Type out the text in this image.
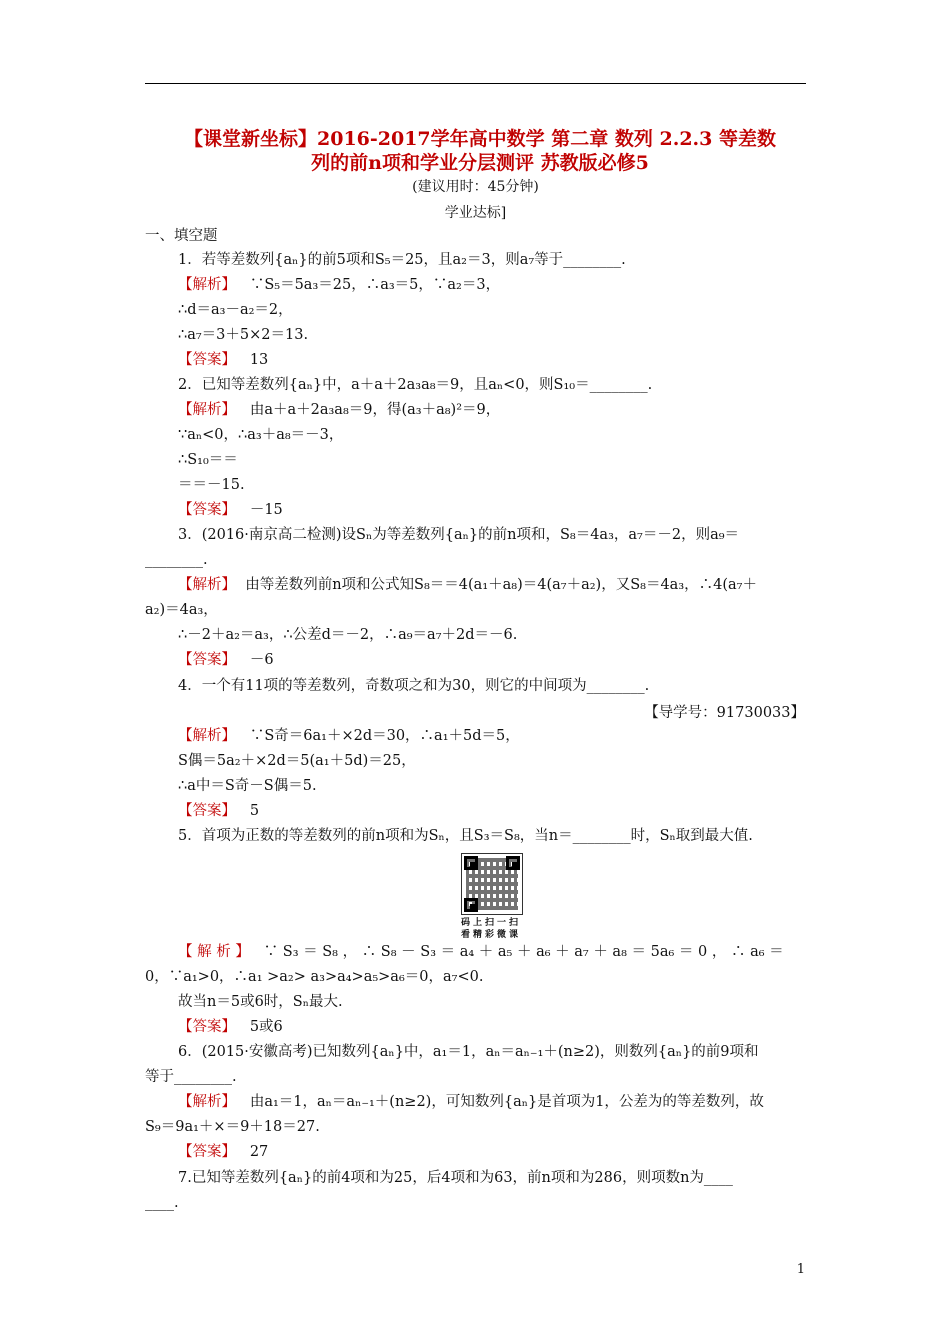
【课堂新坐标】2016-2017学年高中数学 第二章 数列 2.2.3 等差数
列的前n项和学业分层测评 苏教版必修5
(建议用时：45分钟)
学业达标]
一、填空题
1．若等差数列{aₙ}的前5项和S₅＝25，且a₂＝3，则a₇等于________.
【解析】 ∵S₅＝5a₃＝25，∴a₃＝5，∵a₂＝3，
∴d＝a₃－a₂＝2，
∴a₇＝3＋5×2＝13.
【答案】 13
2．已知等差数列{aₙ}中，a＋a＋2a₃a₈＝9，且aₙ<0，则S₁₀＝________.
【解析】 由a＋a＋2a₃a₈＝9，得(a₃＋a₈)²＝9，
∵aₙ<0，∴a₃＋a₈＝－3，
∴S₁₀＝＝
＝＝－15.
【答案】 －15
3．(2016·南京高二检测)设Sₙ为等差数列{aₙ}的前n项和，S₈＝4a₃，a₇＝－2，则a₉＝
________.
【解析】 由等差数列前n项和公式知S₈＝＝4(a₁＋a₈)＝4(a₇＋a₂)，又S₈＝4a₃，∴4(a₇＋
a₂)＝4a₃，
∴－2＋a₂＝a₃，∴公差d＝－2，∴a₉＝a₇＋2d＝－6.
【答案】 －6
4．一个有11项的等差数列，奇数项之和为30，则它的中间项为________.
【导学号：91730033】
【解析】 ∵S奇＝6a₁＋×2d＝30，∴a₁＋5d＝5，
S偶＝5a₂＋×2d＝5(a₁＋5d)＝25，
∴a中＝S奇－S偶＝5.
【答案】 5
5．首项为正数的等差数列的前n项和为Sₙ，且S₃＝S₈，当n＝________时，Sₙ取到最大值.
码上扫一扫
看精彩微课
【 解 析 】 ∵ S₃ ＝ S₈ ， ∴ S₈ － S₃ ＝ a₄ ＋ a₅ ＋ a₆ ＋ a₇ ＋ a₈ ＝ 5a₆ ＝ 0 ， ∴ a₆ ＝
0，∵a₁>0，∴a₁ >a₂> a₃>a₄>a₅>a₆＝0，a₇<0.
故当n＝5或6时，Sₙ最大.
【答案】 5或6
6．(2015·安徽高考)已知数列{aₙ}中，a₁＝1，aₙ＝aₙ₋₁＋(n≥2)，则数列{aₙ}的前9项和
等于________.
【解析】 由a₁＝1，aₙ＝aₙ₋₁＋(n≥2)，可知数列{aₙ}是首项为1，公差为的等差数列，故
S₉＝9a₁＋×＝9＋18＝27.
【答案】 27
7.已知等差数列{aₙ}的前4项和为25，后4项和为63，前n项和为286，则项数n为____
____.
1
